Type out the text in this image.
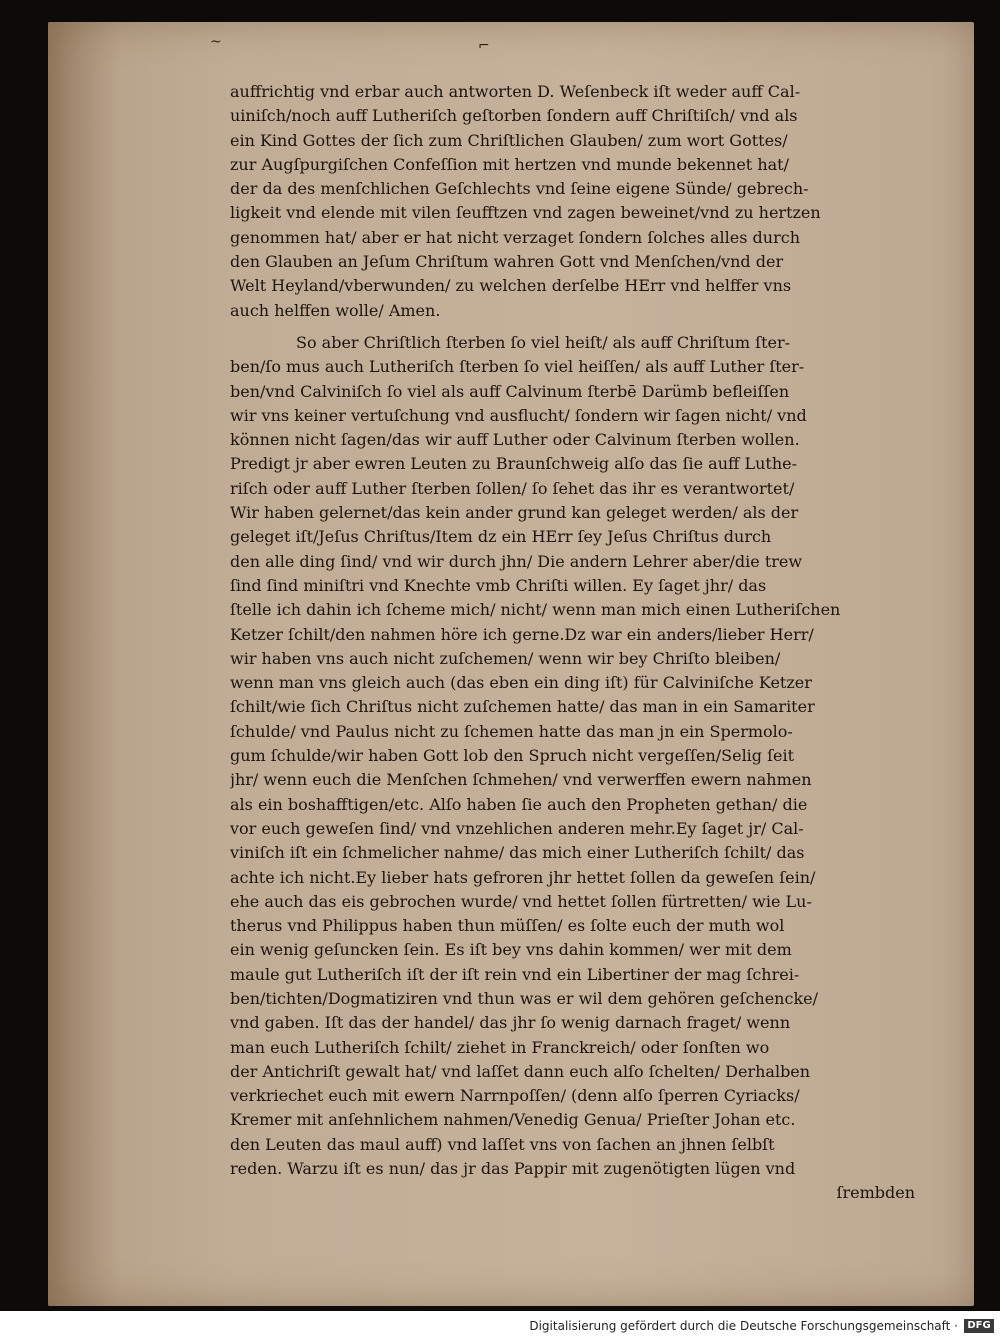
~	⌐
auffrichtig vnd erbar auch antworten D. Weſenbeck iſt weder auff Cal-
uiniſch/noch auff Lutheriſch geſtorben ſondern auff Chriſtiſch/ vnd als
ein Kind Gottes der ſich zum Chriſtlichen Glauben/ zum wort Gottes/
zur Augſpurgiſchen Confeſſion mit hertzen vnd munde bekennet hat/
der da des menſchlichen Geſchlechts vnd ſeine eigene Sünde/ gebrech-
ligkeit vnd elende mit vilen ſeufftzen vnd zagen beweinet/vnd zu hertzen
genommen hat/ aber er hat nicht verzaget ſondern ſolches alles durch
den Glauben an Jeſum Chriſtum wahren Gott vnd Menſchen/vnd der
Welt Heyland/vberwunden/ zu welchen derſelbe HErr vnd helffer vns
auch helffen wolle/ Amen.
So aber Chriſtlich ſterben ſo viel heiſt/ als auff Chriſtum ſter-
ben/ſo mus auch Lutheriſch ſterben ſo viel heiſſen/ als auff Luther ſter-
ben/vnd Calviniſch ſo viel als auff Calvinum ſterbē Darümb befleiſſen
wir vns keiner vertuſchung vnd ausflucht/ ſondern wir ſagen nicht/ vnd
können nicht ſagen/das wir auff Luther oder Calvinum ſterben wollen.
Predigt jr aber ewren Leuten zu Braunſchweig alſo das ſie auff Luthe-
riſch oder auff Luther ſterben ſollen/ ſo ſehet das ihr es verantwortet/
Wir haben gelernet/das kein ander grund kan geleget werden/ als der
geleget iſt/Jeſus Chriſtus/Item dz ein HErr ſey Jeſus Chriſtus durch
den alle ding ſind/ vnd wir durch jhn/ Die andern Lehrer aber/die trew
ſind ſind miniſtri vnd Knechte vmb Chriſti willen. Ey ſaget jhr/ das
ſtelle ich dahin ich ſcheme mich/ nicht/ wenn man mich einen Lutheriſchen
Ketzer ſchilt/den nahmen höre ich gerne.Dz war ein anders/lieber Herr/
wir haben vns auch nicht zuſchemen/ wenn wir bey Chriſto bleiben/
wenn man vns gleich auch (das eben ein ding iſt) für Calviniſche Ketzer
ſchilt/wie ſich Chriſtus nicht zuſchemen hatte/ das man in ein Samariter
ſchulde/ vnd Paulus nicht zu ſchemen hatte das man jn ein Spermolo-
gum ſchulde/wir haben Gott lob den Spruch nicht vergeſſen/Selig ſeit
jhr/ wenn euch die Menſchen ſchmehen/ vnd verwerffen ewern nahmen
als ein boshafftigen/etc. Alſo haben ſie auch den Propheten gethan/ die
vor euch geweſen ſind/ vnd vnzehlichen anderen mehr.Ey ſaget jr/ Cal-
viniſch iſt ein ſchmelicher nahme/ das mich einer Lutheriſch ſchilt/ das
achte ich nicht.Ey lieber hats gefroren jhr hettet ſollen da geweſen ſein/
ehe auch das eis gebrochen wurde/ vnd hettet ſollen fürtretten/ wie Lu-
therus vnd Philippus haben thun müſſen/ es ſolte euch der muth wol
ein wenig geſuncken ſein. Es iſt bey vns dahin kommen/ wer mit dem
maule gut Lutheriſch iſt der iſt rein vnd ein Libertiner der mag ſchrei-
ben/tichten/Dogmatiziren vnd thun was er wil dem gehören geſchencke/
vnd gaben. Iſt das der handel/ das jhr ſo wenig darnach fraget/ wenn
man euch Lutheriſch ſchilt/ ziehet in Franckreich/ oder ſonſten wo
der Antichriſt gewalt hat/ vnd laſſet dann euch alſo ſchelten/ Derhalben
verkriechet euch mit ewern Narrnpoſſen/ (denn alſo ſperren Cyriacks/
Kremer mit anſehnlichem nahmen/Venedig Genua/ Prieſter Johan etc.
den Leuten das maul auff) vnd laſſet vns von ſachen an jhnen ſelbſt
reden. Warzu iſt es nun/ das jr das Pappir mit zugenötigten lügen vnd
ſrembden
Digitalisierung gefördert durch die Deutsche Forschungsgemeinschaft · DFG
